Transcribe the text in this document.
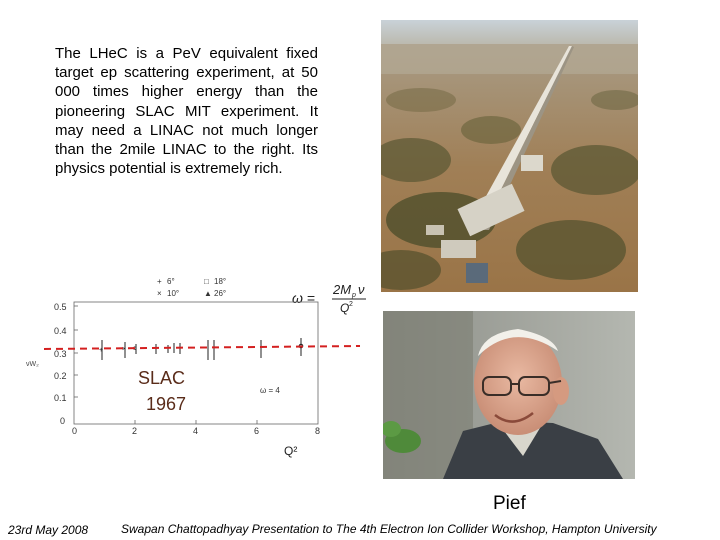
The LHeC is a PeV equivalent fixed target ep scattering experiment, at 50 000 times higher energy than the pioneering SLAC MIT experiment. It may need a LINAC not much longer than the 2mile LINAC to the right. Its physics potential is extremely rich.
+ 6°	□ 18°
× 10°	▲ 26°	ω =
2M p ν
Q 2
νW₂
0.5
0.4
0.3
0.2
0.1
0
0	2	4	6	8
+	×
SLAC
1967
ω = 4
Q²
Pief
23rd May 2008	Swapan Chattopadhyay Presentation to The 4th Electron Ion Collider Workshop, Hampton University
